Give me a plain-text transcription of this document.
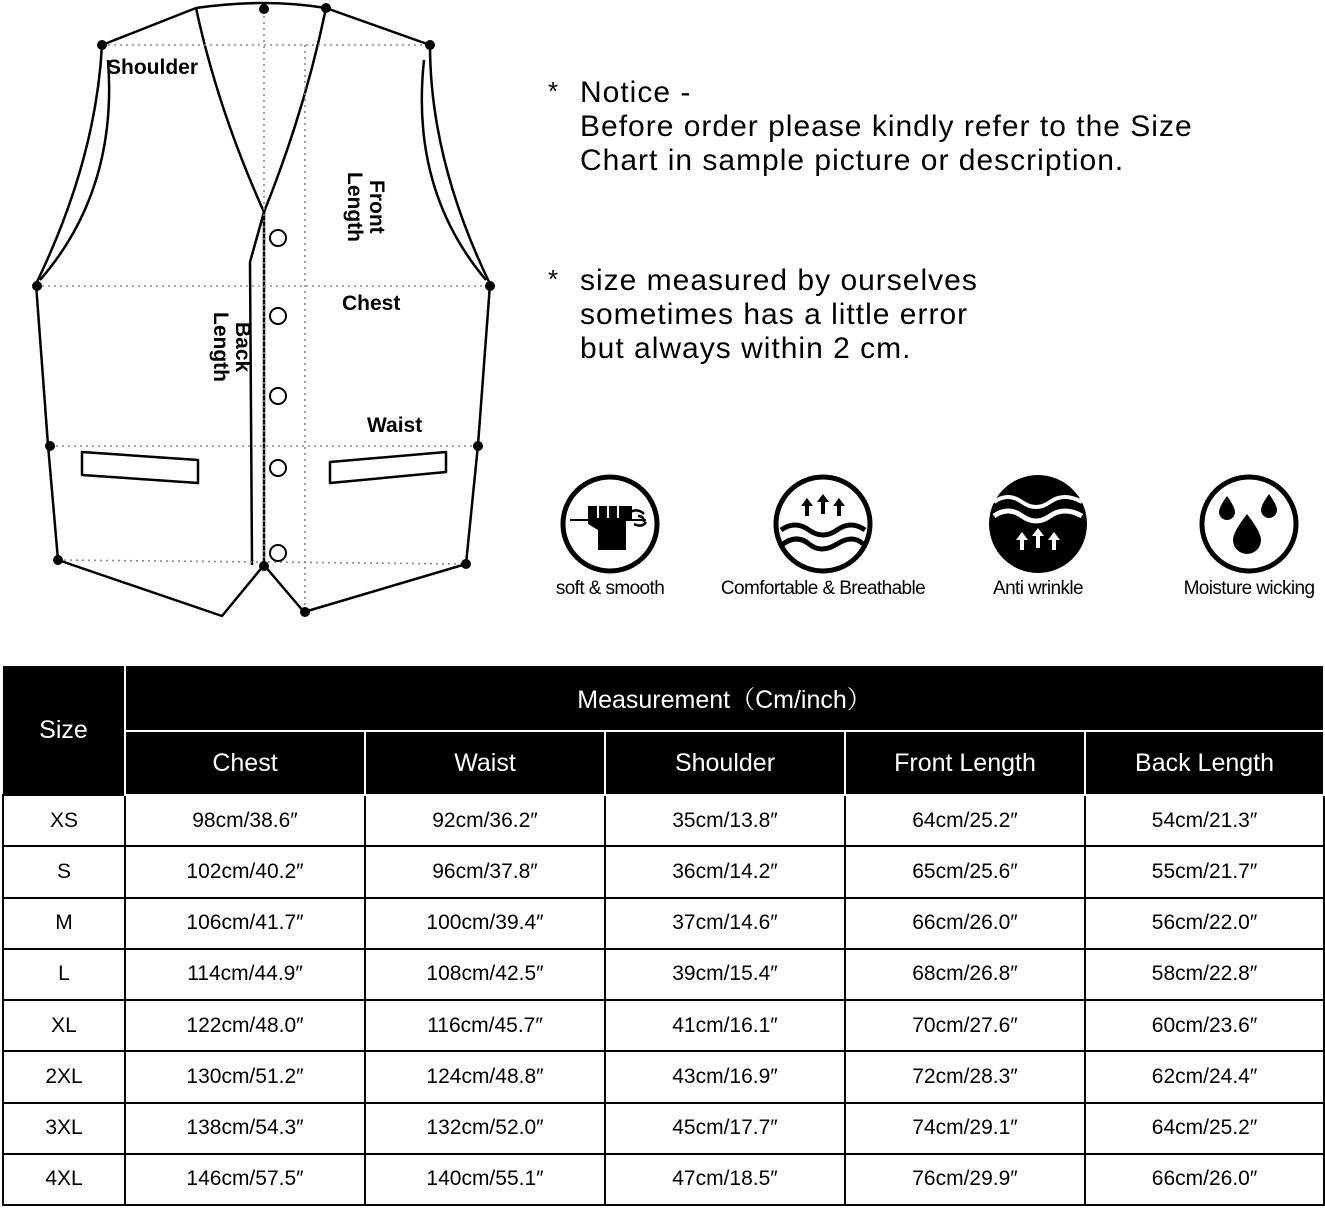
Shoulder
Chest
Waist
Front
Length
Back
Length
* Notice -
Before order please kindly refer to the Size
Chart in sample picture or description.
* size measured by ourselves
sometimes has a little error
but always within 2 cm.
soft & smooth	Comfortable & Breathable	Anti wrinkle	Moisture wicking
Size	Measurement（Cm/inch）				
	Chest	Waist	Shoulder	Front Length	Back Length
XS	98cm/38.6″	92cm/36.2″	35cm/13.8″	64cm/25.2″	54cm/21.3″
S	102cm/40.2″	96cm/37.8″	36cm/14.2″	65cm/25.6″	55cm/21.7″
M	106cm/41.7″	100cm/39.4″	37cm/14.6″	66cm/26.0″	56cm/22.0″
L	114cm/44.9″	108cm/42.5″	39cm/15.4″	68cm/26.8″	58cm/22.8″
XL	122cm/48.0″	116cm/45.7″	41cm/16.1″	70cm/27.6″	60cm/23.6″
2XL	130cm/51.2″	124cm/48.8″	43cm/16.9″	72cm/28.3″	62cm/24.4″
3XL	138cm/54.3″	132cm/52.0″	45cm/17.7″	74cm/29.1″	64cm/25.2″
4XL	146cm/57.5″	140cm/55.1″	47cm/18.5″	76cm/29.9″	66cm/26.0″
